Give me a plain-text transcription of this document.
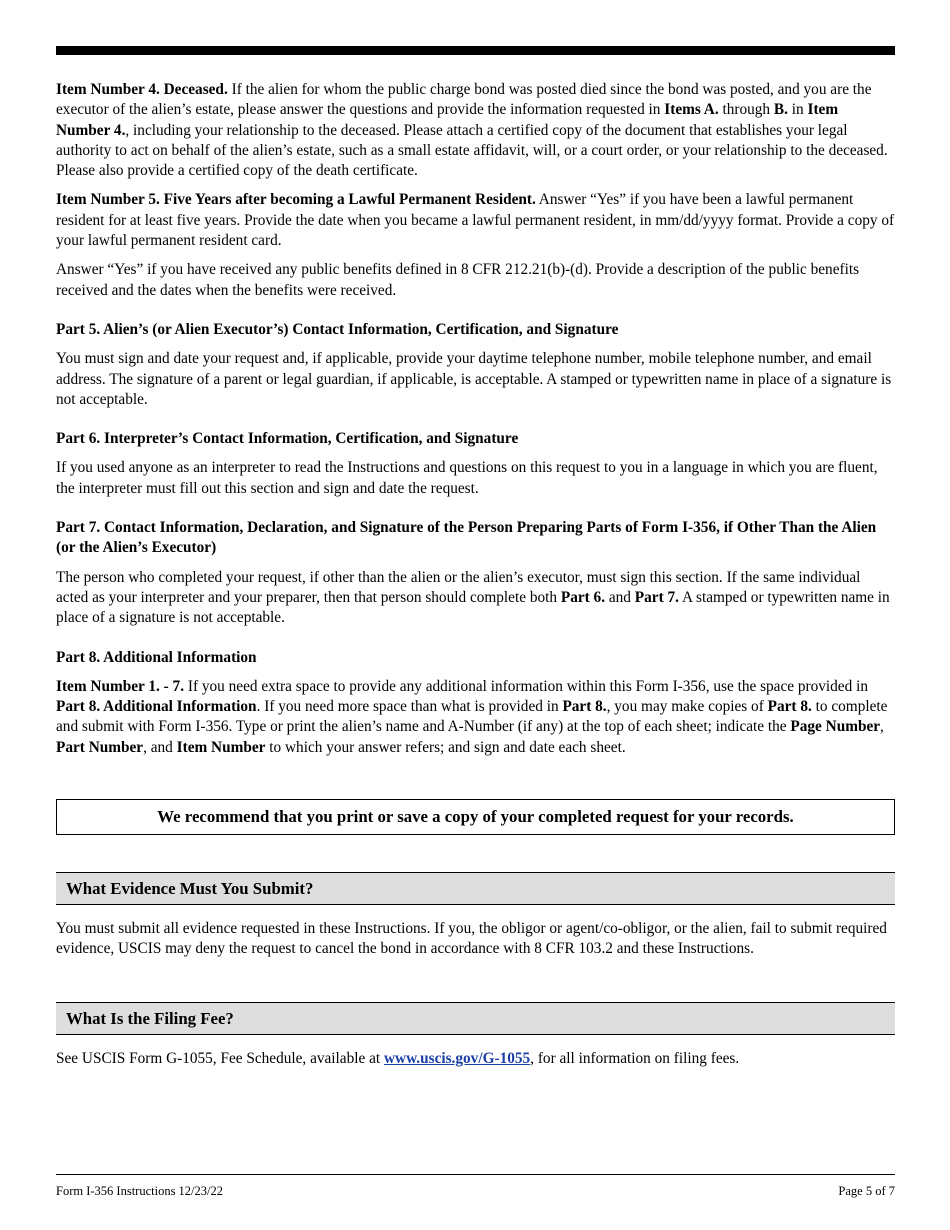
Item Number 4. Deceased. If the alien for whom the public charge bond was posted died since the bond was posted, and you are the executor of the alien’s estate, please answer the questions and provide the information requested in Items A. through B. in Item Number 4., including your relationship to the deceased. Please attach a certified copy of the document that establishes your legal authority to act on behalf of the alien’s estate, such as a small estate affidavit, will, or a court order, or your relationship to the deceased. Please also provide a certified copy of the death certificate.

Item Number 5. Five Years after becoming a Lawful Permanent Resident. Answer “Yes” if you have been a lawful permanent resident for at least five years. Provide the date when you became a lawful permanent resident, in mm/dd/yyyy format. Provide a copy of your lawful permanent resident card.

Answer “Yes” if you have received any public benefits defined in 8 CFR 212.21(b)-(d). Provide a description of the public benefits received and the dates when the benefits were received.

Part 5. Alien’s (or Alien Executor’s) Contact Information, Certification, and Signature

You must sign and date your request and, if applicable, provide your daytime telephone number, mobile telephone number, and email address. The signature of a parent or legal guardian, if applicable, is acceptable. A stamped or typewritten name in place of a signature is not acceptable.

Part 6. Interpreter’s Contact Information, Certification, and Signature

If you used anyone as an interpreter to read the Instructions and questions on this request to you in a language in which you are fluent, the interpreter must fill out this section and sign and date the request.

Part 7. Contact Information, Declaration, and Signature of the Person Preparing Parts of Form I-356, if Other Than the Alien (or the Alien’s Executor)

The person who completed your request, if other than the alien or the alien’s executor, must sign this section. If the same individual acted as your interpreter and your preparer, then that person should complete both Part 6. and Part 7. A stamped or typewritten name in place of a signature is not acceptable.

Part 8. Additional Information

Item Number 1. - 7. If you need extra space to provide any additional information within this Form I-356, use the space provided in Part 8. Additional Information. If you need more space than what is provided in Part 8., you may make copies of Part 8. to complete and submit with Form I-356. Type or print the alien’s name and A-Number (if any) at the top of each sheet; indicate the Page Number, Part Number, and Item Number to which your answer refers; and sign and date each sheet.

We recommend that you print or save a copy of your completed request for your records.
What Evidence Must You Submit?

You must submit all evidence requested in these Instructions. If you, the obligor or agent/co-obligor, or the alien, fail to submit required evidence, USCIS may deny the request to cancel the bond in accordance with 8 CFR 103.2 and these Instructions.

What Is the Filing Fee?

See USCIS Form G-1055, Fee Schedule, available at www.uscis.gov/G-1055, for all information on filing fees.

Form I-356 Instructions 12/23/22	Page 5 of 7
